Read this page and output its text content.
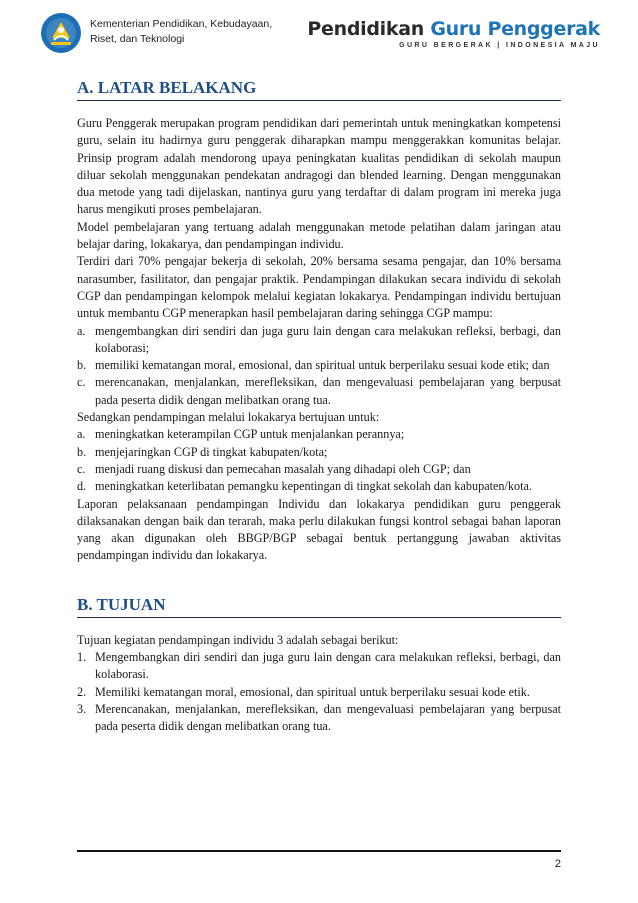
Kementerian Pendidikan, Kebudayaan,
Riset, dan Teknologi	Pendidikan Guru Penggerak
GURU BERGERAK | INDONESIA MAJU
A. LATAR BELAKANG

Guru Penggerak merupakan program pendidikan dari pemerintah untuk meningkatkan kompetensi guru, selain itu hadirnya guru penggerak diharapkan mampu menggerakkan komunitas belajar. Prinsip program adalah mendorong upaya peningkatan kualitas pendidikan di sekolah maupun diluar sekolah menggunakan pendekatan andragogi dan blended learning. Dengan menggunakan dua metode yang tadi dijelaskan, nantinya guru yang terdaftar di dalam program ini mereka juga harus mengikuti proses pembelajaran.

Model pembelajaran yang tertuang adalah menggunakan metode pelatihan dalam jaringan atau belajar daring, lokakarya, dan pendampingan individu.

Terdiri dari 70% pengajar bekerja di sekolah, 20% bersama sesama pengajar, dan 10% bersama narasumber, fasilitator, dan pengajar praktik. Pendampingan dilakukan secara individu di sekolah CGP dan pendampingan kelompok melalui kegiatan lokakarya. Pendampingan individu bertujuan untuk membantu CGP menerapkan hasil pembelajaran daring sehingga CGP mampu:

a. mengembangkan diri sendiri dan juga guru lain dengan cara melakukan refleksi, berbagi, dan kolaborasi;
b. memiliki kematangan moral, emosional, dan spiritual untuk berperilaku sesuai kode etik; dan
c. merencanakan, menjalankan, merefleksikan, dan mengevaluasi pembelajaran yang berpusat pada peserta didik dengan melibatkan orang tua.

Sedangkan pendampingan melalui lokakarya bertujuan untuk:

a. meningkatkan keterampilan CGP untuk menjalankan perannya;
b. menjejaringkan CGP di tingkat kabupaten/kota;
c. menjadi ruang diskusi dan pemecahan masalah yang dihadapi oleh CGP; dan
d. meningkatkan keterlibatan pemangku kepentingan di tingkat sekolah dan kabupaten/kota.

Laporan pelaksanaan pendampingan Individu dan lokakarya pendidikan guru penggerak dilaksanakan dengan baik dan terarah, maka perlu dilakukan fungsi kontrol sebagai bahan laporan yang akan digunakan oleh BBGP/BGP sebagai bentuk pertanggung jawaban aktivitas pendampingan individu dan lokakarya.

B. TUJUAN

Tujuan kegiatan pendampingan individu 3 adalah sebagai berikut:

1. Mengembangkan diri sendiri dan juga guru lain dengan cara melakukan refleksi, berbagi, dan kolaborasi.
2. Memiliki kematangan moral, emosional, dan spiritual untuk berperilaku sesuai kode etik.
3. Merencanakan, menjalankan, merefleksikan, dan mengevaluasi pembelajaran yang berpusat pada peserta didik dengan melibatkan orang tua.
2
